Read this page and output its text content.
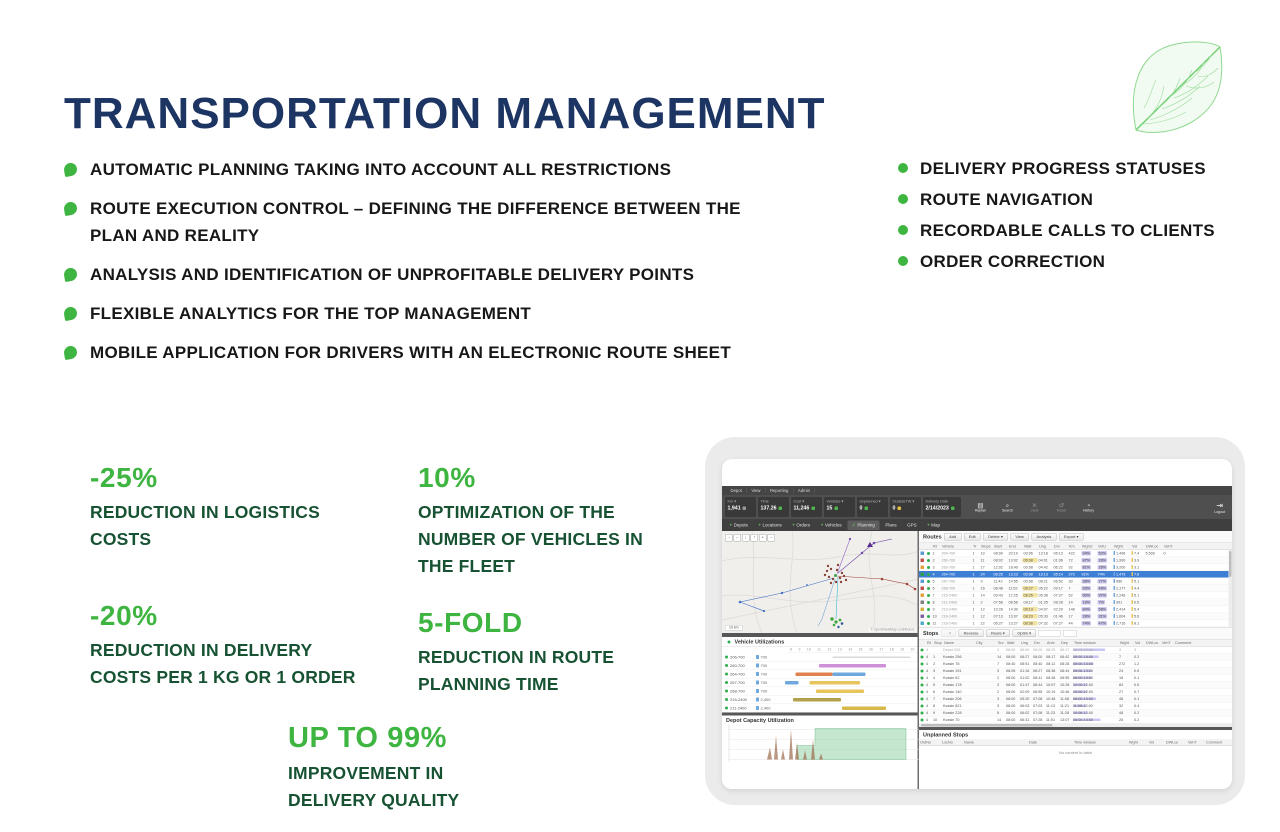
TRANSPORTATION MANAGEMENT
AUTOMATIC PLANNING TAKING INTO ACCOUNT ALL RESTRICTIONS
ROUTE EXECUTION CONTROL – DEFINING THE DIFFERENCE BETWEEN THE PLAN AND REALITY
ANALYSIS AND IDENTIFICATION OF UNPROFITABLE DELIVERY POINTS
FLEXIBLE ANALYTICS FOR THE TOP MANAGEMENT
MOBILE APPLICATION FOR DRIVERS WITH AN ELECTRONIC ROUTE SHEET
DELIVERY PROGRESS STATUSES
ROUTE NAVIGATION
RECORDABLE CALLS TO CLIENTS
ORDER CORRECTION
-25%
REDUCTION IN LOGISTICS COSTS
10%
OPTIMIZATION OF THE NUMBER OF VEHICLES IN THE FLEET
-20%
REDUCTION IN DELIVERY COSTS PER 1 KG OR 1 ORDER
5-FOLD
REDUCTION IN ROUTE PLANNING TIME
UP TO 99%
IMPROVEMENT IN DELIVERY QUALITY
Depot	View	Reporting	Admin
Km ▾
1,941
Time
137.26
Cost ▾
11,246
Vehicles ▾
15
Unplanned ▾
0
OutsideTW ▾
0
Delivery Date
2/14/2023	▤
Replan
⌕
Search
✕
Clear
↺
Reset
◔
History
⇥
Logout
+ Depots + Locations + Orders + Vehicles ✓ Planning Plans GPS + Map
→ ← ↓ ↑ + −
10 km
© OpenStreetMap contributors
Vehicle Utilizations
8 9 10 11 12 13 14 15 16 17 18 19 20
206-700	700
260-700	700
264-700	700
267-700	700
268-700	700
215-2400	2,400
211-2400	2,400
Depot Capacity Utilization
Routes Add	Edit	Delete ▾	View	Analysis	Export ▾
Rt Vehicle	Tr Stops Start End	Wait	Ung	Drv	Km WghU VolU	Wght	Vol	DWLoc VehT
1 204-700	1 10	08:00 20:19 00:06 13:18 06:13 422	94%	52%	1,496	7.4 5,500	0
2 260-700	1 11	08:02 13:02 06:08 04:01 01:06 72	87%	28%	1,990	3.9
3 263-700	1 17	12:02 18:40 00:08 04:42 06:22 92	81%	26%	3,200	3.1
4 264-700	1 24	08:25 13:23 00:08 13:13 05:14 273 91%	74%	1,473	7.8
5 267-700	1 9	11:42 14:55 00:08 08:21 06:52 30	38%	27%	980	5.1
6 268-700	1 16	08:48 11:52 08:27 05:22 09:17 7	93%	48%	2,177	4.4
7 215-2400	1 14	09:43 12:25 08:25 05:38 07:27 52	90%	97%	2,248	5.1
8 211-2400	1 2	07:58 08:56 08:17 01:25 08:28 14	19%	7%	391	0.5
9 213-2400	1 12	10:28 14:30 08:13 04:07 02:29 148	84%	58%	2,414	5.4
10 216-2400	1 12	07:13 13:07 08:23 05:33 01:46 17	28%	31%	1,604	5.6
11 218-2400	1 22	06:27 13:27 08:38 07:32 07:27 44	74%	47%	2,716	8.1
Stops ▾	Reverse	Route ▾	Optim ▾
Rt Stop Name	City	Srv Wait Ung Drv Arriv Dep Time window	Wght Vol DWLoc VehT Comment
4	Depot 026	3 08:00 08:00 08:00 08:25 08:17 08:25-23:00	3	3
4 1	Kvasin 256	14 08:00 08:27 08:00 08:17 08:42 08:00-18:00	7	0.2
4 2	Kvasin 78	7 08:40 08:51 08:40 08:12 08:28 08:00-13:00	272	1.2
4 3	Kvasin 151	3 08:05 01:16 08:27 08:38 08:44 08:06-13:00	24	0.5
4 4	Kvasin 62	2 08:00 01:02 08:41 08:48 08:55 08:00-13:00	18	0.1
4 5	Kvasin 178	3 08:00 01:47 08:44 10:07 10:28 10:00-12:00	84	0.5
4 6	Kvasin 140	2 08:00 02:09 08:55 10:19 10:46 10:00-12:00	27	0.7
4 7	Kvasin 206	3 08:00 05:20 07:08 10:48 11:08 08:00-13:00	46	0.1
4 8	Kvasin 821	3 08:00 06:03 07:03 11:13 11:21 11:08-12:00	32	0.4
4 9	Kvasin 228	5 08:00 06:02 07:08 11:23 11:28 10:06-12:00	48	0.2
4 10 Kvasin 70	14 08:00 06:31 07:28 11:51 13:07 08:00-14:00	26	0.2
Unplanned Stops
OrdNo	LocNo	Name	Date	Time window	Wght	Vol	DWLoc	VehT	Comment
No content in table
